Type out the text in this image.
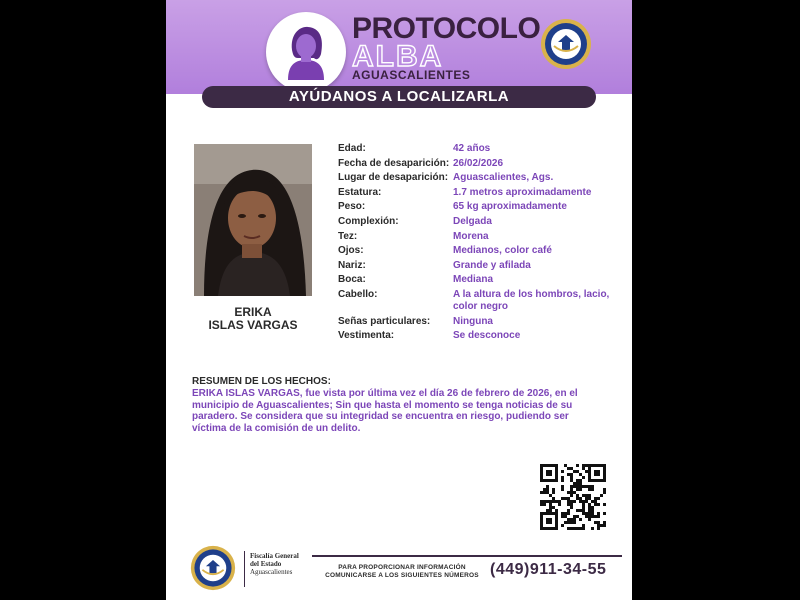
PROTOCOLO
ALBA
AGUASCALIENTES
AYÚDANOS A LOCALIZARLA
ERIKA
ISLAS VARGAS
Edad:	42 años
Fecha de desaparición: 26/02/2026
Lugar de desaparición: Aguascalientes, Ags.
Estatura:	1.7 metros aproximadamente
Peso:	65 kg aproximadamente
Complexión:	Delgada
Tez:	Morena
Ojos:	Medianos, color café
Nariz:	Grande y afilada
Boca:	Mediana
Cabello:	A la altura de los hombros, lacio, color negro
Señas particulares:	Ninguna
Vestimenta:	Se desconoce
RESUMEN DE LOS HECHOS:
ERIKA ISLAS VARGAS, fue vista por última vez el día 26 de febrero de 2026, en el municipio de Aguascalientes; Sin que hasta el momento se tenga noticias de su paradero. Se considera que su integridad se encuentra en riesgo, pudiendo ser víctima de la comisión de un delito.
Fiscalía General
del Estado
Aguascalientes
PARA PROPORCIONAR INFORMACIÓN
COMUNICARSE A LOS SIGUIENTES NÚMEROS (449)911-34-55
